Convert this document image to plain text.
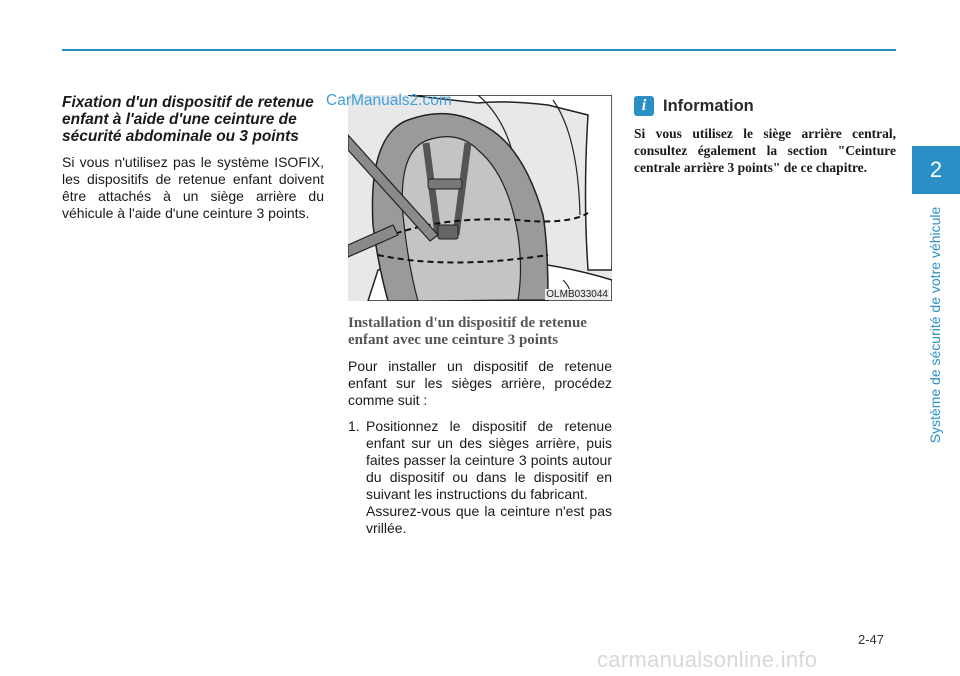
Fixation d'un dispositif de retenue enfant à l'aide d'une ceinture de sécurité abdominale ou 3 points

Si vous n'utilisez pas le système ISOFIX, les dispositifs de retenue enfant doivent être attachés à un siège arrière du véhicule à l'aide d'une ceinture 3 points.

OLMB033044
Installation d'un dispositif de retenue enfant avec une ceinture 3 points

Pour installer un dispositif de retenue enfant sur les sièges arrière, procédez comme suit :

1. Positionnez le dispositif de retenue enfant sur un des sièges arrière, puis faites passer la ceinture 3 points autour du dispositif ou dans le dispositif en suivant les instructions du fabricant.
Assurez-vous que la ceinture n'est pas vrillée.
CarManuals2.com	i	Information
Si vous utilisez le siège arrière central, consultez également la section "Ceinture centrale arrière 3 points" de ce chapitre.	2
Système de sécurité de votre véhicule
2-47
carmanualsonline.info
